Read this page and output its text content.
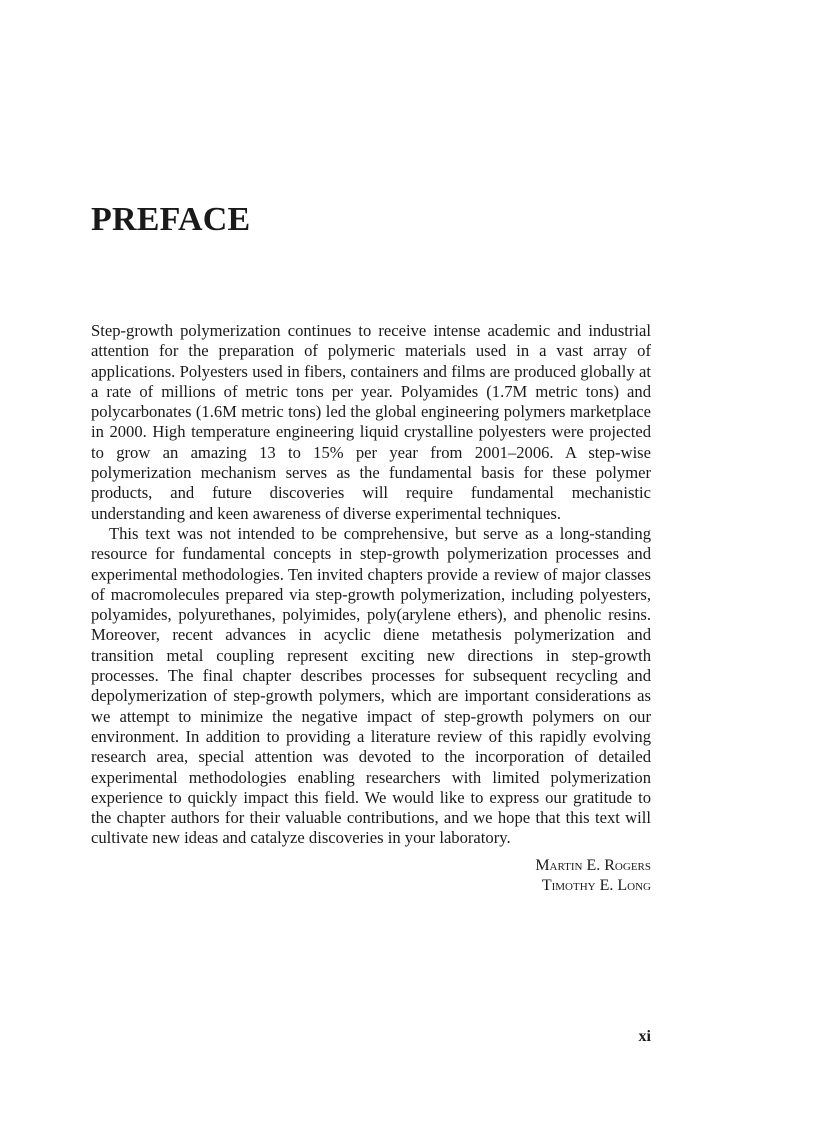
PREFACE

Step-growth polymerization continues to receive intense academic and industrial attention for the preparation of polymeric materials used in a vast array of applications. Polyesters used in fibers, containers and films are produced globally at a rate of millions of metric tons per year. Polyamides (1.7M metric tons) and polycarbonates (1.6M metric tons) led the global engineering polymers marketplace in 2000. High temperature engineering liquid crystalline polyesters were projected to grow an amazing 13 to 15% per year from 2001–2006. A step-wise polymerization mechanism serves as the fundamental basis for these polymer products, and future discoveries will require fundamental mechanistic understanding and keen awareness of diverse experimental techniques.

This text was not intended to be comprehensive, but serve as a long-standing resource for fundamental concepts in step-growth polymerization processes and experimental methodologies. Ten invited chapters provide a review of major classes of macromolecules prepared via step-growth polymerization, including polyesters, polyamides, polyurethanes, polyimides, poly(arylene ethers), and phenolic resins. Moreover, recent advances in acyclic diene metathesis polymerization and transition metal coupling represent exciting new directions in step-growth processes. The final chapter describes processes for subsequent recycling and depolymerization of step-growth polymers, which are important considerations as we attempt to minimize the negative impact of step-growth polymers on our environment. In addition to providing a literature review of this rapidly evolving research area, special attention was devoted to the incorporation of detailed experimental methodologies enabling researchers with limited polymerization experience to quickly impact this field. We would like to express our gratitude to the chapter authors for their valuable contributions, and we hope that this text will cultivate new ideas and catalyze discoveries in your laboratory.

Martin E. Rogers
Timothy E. Long
xi
